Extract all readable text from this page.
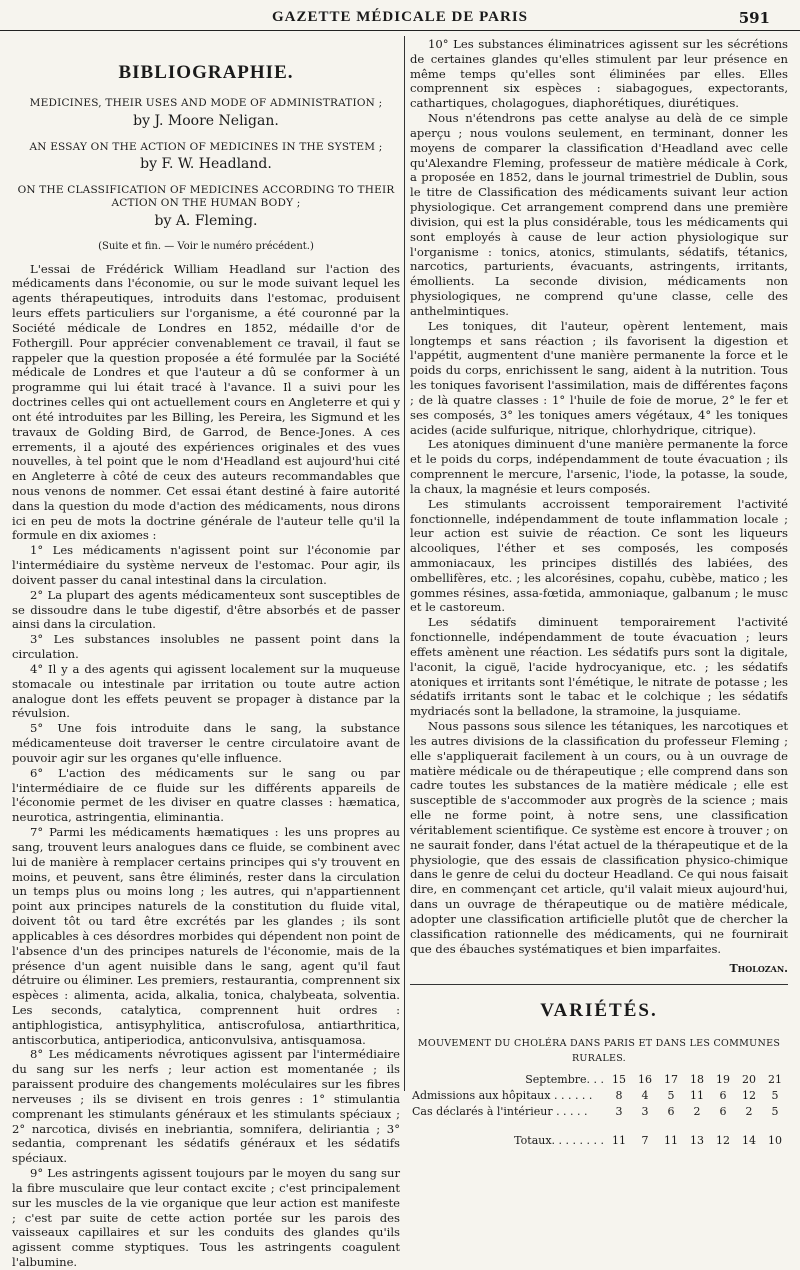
GAZETTE MÉDICALE DE PARIS	591
BIBLIOGRAPHIE.
MEDICINES, THEIR USES AND MODE OF ADMINISTRATION ;
by J. Moore Neligan.
AN ESSAY ON THE ACTION OF MEDICINES IN THE SYSTEM ;
by F. W. Headland.
ON THE CLASSIFICATION OF MEDICINES ACCORDING TO THEIR ACTION ON THE HUMAN BODY ;
by A. Fleming.
(Suite et fin. — Voir le numéro précédent.)

L'essai de Frédérick William Headland sur l'action des médicaments dans l'économie, ou sur le mode suivant lequel les agents thérapeutiques, introduits dans l'estomac, produisent leurs effets particuliers sur l'organisme, a été couronné par la Société médicale de Londres en 1852, médaille d'or de Fothergill. Pour apprécier convenablement ce travail, il faut se rappeler que la question proposée a été formulée par la Société médicale de Londres et que l'auteur a dû se conformer à un programme qui lui était tracé à l'avance. Il a suivi pour les doctrines celles qui ont actuellement cours en Angleterre et qui y ont été introduites par les Billing, les Pereira, les Sigmund et les travaux de Golding Bird, de Garrod, de Bence-Jones. A ces errements, il a ajouté des expériences originales et des vues nouvelles, à tel point que le nom d'Headland est aujourd'hui cité en Angleterre à côté de ceux des auteurs recommandables que nous venons de nommer. Cet essai étant destiné à faire autorité dans la question du mode d'action des médicaments, nous dirons ici en peu de mots la doctrine générale de l'auteur telle qu'il la formule en dix axiomes :

1° Les médicaments n'agissent point sur l'économie par l'intermédiaire du système nerveux de l'estomac. Pour agir, ils doivent passer du canal intestinal dans la circulation.

2° La plupart des agents médicamenteux sont susceptibles de se dissoudre dans le tube digestif, d'être absorbés et de passer ainsi dans la circulation.

3° Les substances insolubles ne passent point dans la circulation.

4° Il y a des agents qui agissent localement sur la muqueuse stomacale ou intestinale par irritation ou toute autre action analogue dont les effets peuvent se propager à distance par la révulsion.

5° Une fois introduite dans le sang, la substance médicamenteuse doit traverser le centre circulatoire avant de pouvoir agir sur les organes qu'elle influence.

6° L'action des médicaments sur le sang ou par l'intermédiaire de ce fluide sur les différents appareils de l'économie permet de les diviser en quatre classes : hæmatica, neurotica, astringentia, eliminantia.

7° Parmi les médicaments hæmatiques : les uns propres au sang, trouvent leurs analogues dans ce fluide, se combinent avec lui de manière à remplacer certains principes qui s'y trouvent en moins, et peuvent, sans être éliminés, rester dans la circulation un temps plus ou moins long ; les autres, qui n'appartiennent point aux principes naturels de la constitution du fluide vital, doivent tôt ou tard être excrétés par les glandes ; ils sont applicables à ces désordres morbides qui dépendent non point de l'absence d'un des principes naturels de l'économie, mais de la présence d'un agent nuisible dans le sang, agent qu'il faut détruire ou éliminer. Les premiers, restaurantia, comprennent six espèces : alimenta, acida, alkalia, tonica, chalybeata, solventia. Les seconds, catalytica, comprennent huit ordres : antiphlogistica, antisyphylitica, antiscrofulosa, antiarthritica, antiscorbutica, antiperiodica, anticonvulsiva, antisquamosa.

8° Les médicaments névrotiques agissent par l'intermédiaire du sang sur les nerfs ; leur action est momentanée ; ils paraissent produire des changements moléculaires sur les fibres nerveuses ; ils se divisent en trois genres : 1° stimulantia comprenant les stimulants généraux et les stimulants spéciaux ; 2° narcotica, divisés en inebriantia, somnifera, deliriantia ; 3° sedantia, comprenant les sédatifs généraux et les sédatifs spéciaux.

9° Les astringents agissent toujours par le moyen du sang sur la fibre musculaire que leur contact excite ; c'est principalement sur les muscles de la vie organique que leur action est manifeste ; c'est par suite de cette action portée sur les parois des vaisseaux capillaires et sur les conduits des glandes qu'ils agissent comme styptiques. Tous les astringents coagulent l'albumine.

10° Les substances éliminatrices agissent sur les sécrétions de certaines glandes qu'elles stimulent par leur présence en même temps qu'elles sont éliminées par elles. Elles comprennent six espèces : siabagogues, expectorants, cathartiques, cholagogues, diaphorétiques, diurétiques.

Nous n'étendrons pas cette analyse au delà de ce simple aperçu ; nous voulons seulement, en terminant, donner les moyens de comparer la classification d'Headland avec celle qu'Alexandre Fleming, professeur de matière médicale à Cork, a proposée en 1852, dans le journal trimestriel de Dublin, sous le titre de Classification des médicaments suivant leur action physiologique. Cet arrangement comprend dans une première division, qui est la plus considérable, tous les médicaments qui sont employés à cause de leur action physiologique sur l'organisme : tonics, atonics, stimulants, sédatifs, tétanics, narcotics, parturients, évacuants, astringents, irritants, émollients. La seconde division, médicaments non physiologiques, ne comprend qu'une classe, celle des anthelmintiques.

Les toniques, dit l'auteur, opèrent lentement, mais longtemps et sans réaction ; ils favorisent la digestion et l'appétit, augmentent d'une manière permanente la force et le poids du corps, enrichissent le sang, aident à la nutrition. Tous les toniques favorisent l'assimilation, mais de différentes façons ; de là quatre classes : 1° l'huile de foie de morue, 2° le fer et ses composés, 3° les toniques amers végétaux, 4° les toniques acides (acide sulfurique, nitrique, chlorhydrique, citrique).

Les atoniques diminuent d'une manière permanente la force et le poids du corps, indépendamment de toute évacuation ; ils comprennent le mercure, l'arsenic, l'iode, la potasse, la soude, la chaux, la magnésie et leurs composés.

Les stimulants accroissent temporairement l'activité fonctionnelle, indépendamment de toute inflammation locale ; leur action est suivie de réaction. Ce sont les liqueurs alcooliques, l'éther et ses composés, les composés ammoniacaux, les principes distillés des labiées, des ombellifères, etc. ; les alcorésines, copahu, cubèbe, matico ; les gommes résines, assa-fœtida, ammoniaque, galbanum ; le musc et le castoreum.

Les sédatifs diminuent temporairement l'activité fonctionnelle, indépendamment de toute évacuation ; leurs effets amènent une réaction. Les sédatifs purs sont la digitale, l'aconit, la ciguë, l'acide hydrocyanique, etc. ; les sédatifs atoniques et irritants sont l'émétique, le nitrate de potasse ; les sédatifs irritants sont le tabac et le colchique ; les sédatifs mydriacés sont la belladone, la stramoine, la jusquiame.

Nous passons sous silence les tétaniques, les narcotiques et les autres divisions de la classification du professeur Fleming ; elle s'appliquerait facilement à un cours, ou à un ouvrage de matière médicale ou de thérapeutique ; elle comprend dans son cadre toutes les substances de la matière médicale ; elle est susceptible de s'accommoder aux progrès de la science ; mais elle ne forme point, à notre sens, une classification véritablement scientifique. Ce système est encore à trouver ; on ne saurait fonder, dans l'état actuel de la thérapeutique et de la physiologie, que des essais de classification physico-chimique dans le genre de celui du docteur Headland. Ce qui nous faisait dire, en commençant cet article, qu'il valait mieux aujourd'hui, dans un ouvrage de thérapeutique ou de matière médicale, adopter une classification artificielle plutôt que de chercher la classification rationnelle des médicaments, qui ne fournirait que des ébauches systématiques et bien imparfaites.

Tholozan.
VARIÉTÉS.
MOUVEMENT DU CHOLÉRA DANS PARIS ET DANS LES COMMUNES RURALES.
Septembre. . .	15	16	17	18	19	20	21
Admissions aux hôpitaux . . . . . .	8	4	5	11	6	12	5
Cas déclarés à l'intérieur . . . . .	3	3	6	2	6	2	5
Totaux. . . . . . . .	11	7	11	13	12	14	10
